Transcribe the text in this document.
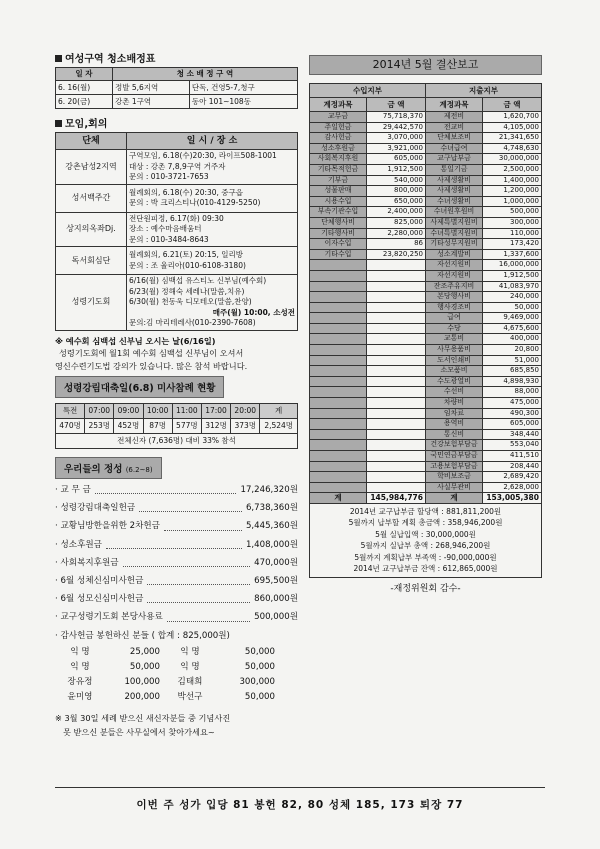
여성구역 청소배정표
일 자	청 소 배 정 구 역	
6. 16(월)	정발 5,6지역	단독, 건영5-7,청구
6. 20(금)	강촌 1구역	동아 101~108동
모임,회의
단체	일 시 / 장 소
강촌남성2지역	구역모임, 6.18(수)20:30, 라이프508-1001
대상 : 강촌 7,8,9구역 거주자
문의 : 010-3721-7653

성서백주간	월례회의, 6.18(수) 20:30, 중구읍
문의 : 박 크리스티나(010-4129-5250)

상지의옥좌Dj.	전단원피정, 6.17(화) 09:30
장소 : 예수마음배움터
문의 : 010-3484-8643

독서회심단	월례회의, 6.21(토) 20:15, 일리방
문의 : 조 율리아(010-6108-3180)

성령기도회	6/16(월) 심백섭 유스티노 신부님(예수회)
6/23(월) 정해숙 세레나(말씀,치유)
6/30(월) 천동욱 디모테오(말씀,찬양)
매주(월) 10:00, 소성전
문의:김 마리테레사(010-2390-7608)
※ 예수회 심백섭 신부님 오시는 날(6/16일)
성령기도회에 월1회 예수회 심백섭 신부님이 오셔서
영신수련기도법 강의가 있습니다. 많은 참석 바랍니다.
성령강림대축일(6.8) 미사참례 현황
특전	07:00	09:00	10:00	11:00	17:00	20:00	계
470명	253명	452명	87명	577명	312명	373명	2,524명
전체신자 (7,636명) 대비 33% 참석							
우리들의 정성 (6.2~8)
· 교 무 금	17,246,320원
· 성령강림대축일헌금	6,738,360원
· 교황님방한을위한 2차헌금	5,445,360원
· 성소후원금	1,408,000원
· 사회복지후원금	470,000원
· 6월 성체신심미사헌금	695,500원
· 6월 성모신심미사헌금	860,000원
· 교구성령기도회 본당사용료	500,000원
· 감사헌금 봉헌하신 분들 ( 합계 : 825,000원)
익 명	25,000	익 명	50,000
익 명	50,000	익 명	50,000
장유정	100,000	김태희	300,000
윤미영	200,000	박선구	50,000
※ 3월 30일 세례 받으신 새신자분들 중 기념사진
못 받으신 분들은 사무실에서 찾아가세요~
2014년 5월 결산보고
수입지부		지출지부	
계정과목	금 액	계정과목	금 액
교무금	75,718,370	제전비	1,620,700
주일헌금	29,442,570	전교비	4,105,000
감사헌금	3,070,000	단체보조비	21,341,650
성소후원금	3,921,000	수녀급여	4,748,630
사회복지후원	605,000	교구납부금	30,000,000
기타목적헌금	1,912,500	통일기금	2,500,000
기부금	540,000	사제생활비	1,400,000
성물판매	800,000	사제생활비	1,200,000
시용수입	650,000	수녀생활비	1,000,000
부속기관수입	2,400,000	수녀원후원비	500,000
단체행사비	825,000	사제특별지원비	300,000
기타행사비	2,280,000	수녀특별지원비	110,000
이자수입	86	기타성무지원비	173,420
기타수입	23,820,250	성소계발비	1,337,600
		자선지원비	16,000,000
		자선지원비	1,912,500
		잔조주유지비	41,083,970
		본당행사비	240,000
		행사경조비	50,000
		급여	9,469,000
		수당	4,675,600
		교통비	400,000
		사무용품비	20,800
		도서인쇄비	51,000
		소모품비	685,850
		수도광열비	4,898,930
		수선비	88,000
		차량비	475,000
		임차료	490,300
		용역비	605,000
		통신비	348,440
		건강보험부담금	553,040
		국민연금부담금	411,510
		고용보험부담금	208,440
		학비보조금	2,689,420
		사실무관비	2,628,000
계	145,984,776	계	153,005,380
2014년 교구납부금 할당액 : 881,811,200원
5월까지 납부할 계획 총금액 : 358,946,200원
5월 실납입액 : 30,000,000원
5월까지 실납부 총액 : 268,946,200원
5월까지 계획납부 부족액 : -90,000,000원
2014년 교구납부금 잔액 : 612,865,000원
-재정위원회 감수-
이번 주 성가 입당 81 봉헌 82, 80 성체 185, 173 퇴장 77
